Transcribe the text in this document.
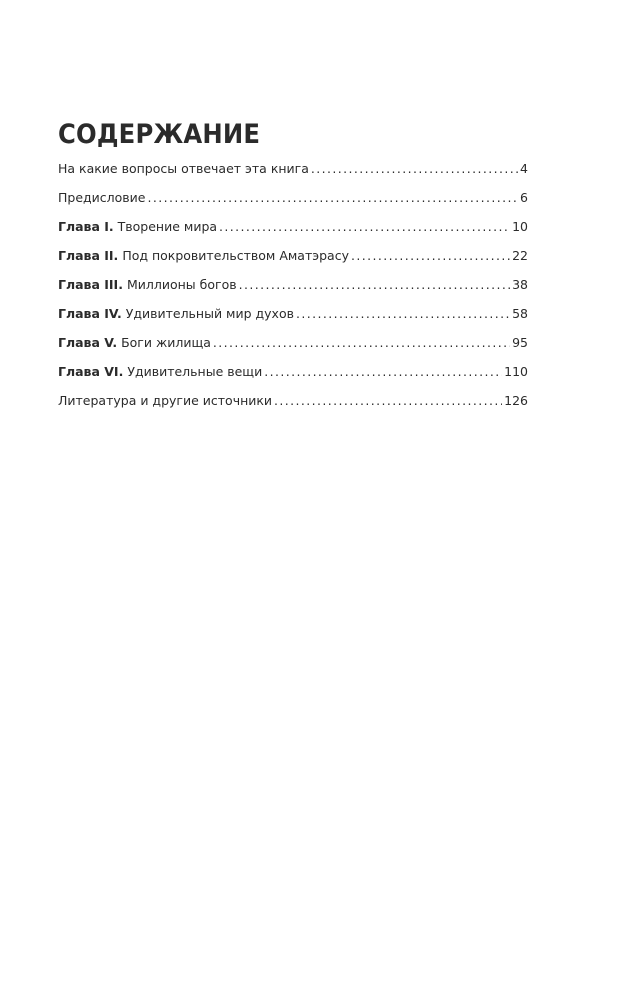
СОДЕРЖАНИЕ
На какие вопросы отвечает эта книга .....	4
Предисловие .....	6
Глава I. Творение мира .....	10
Глава II. Под покровительством Аматэрасу .....	22
Глава III. Миллионы богов .....	38
Глава IV. Удивительный мир духов .....	58
Глава V. Боги жилища .....	95
Глава VI. Удивительные вещи .....	110
Литература и другие источники .....	126
